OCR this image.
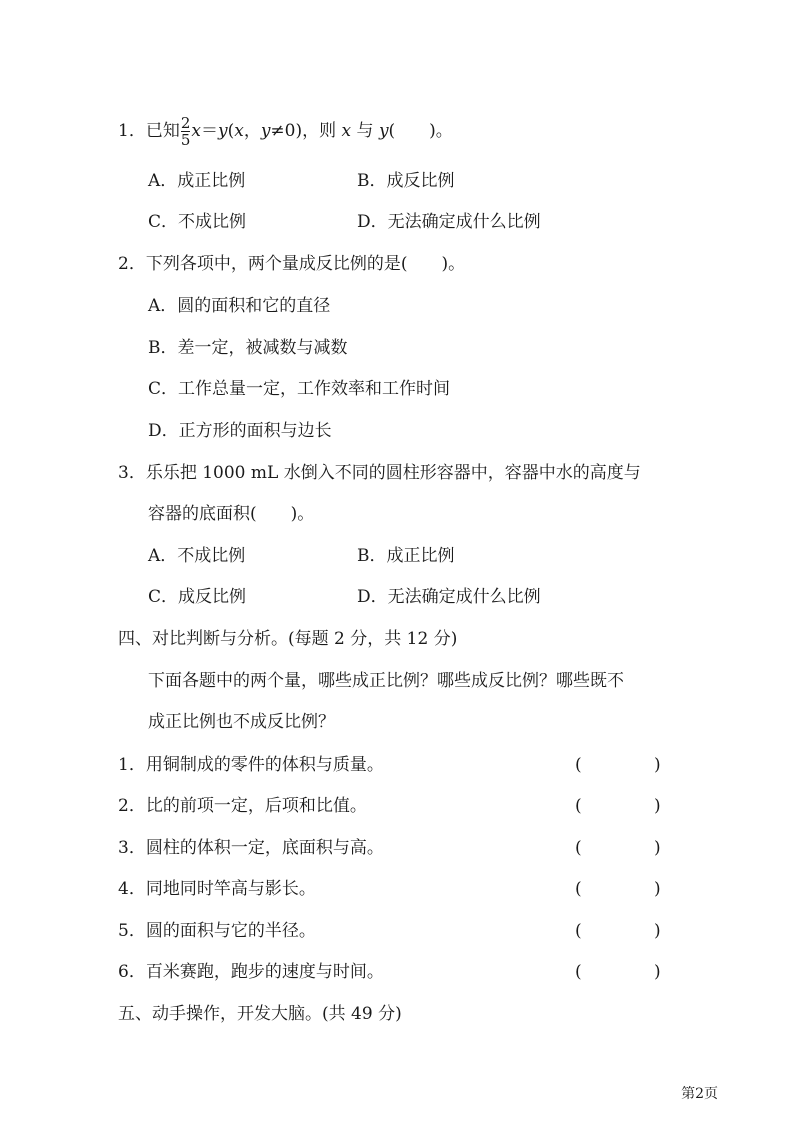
1．已知 $\frac{2}{5} x=y(x$，y≠0)，则 x 与 y(　　)。
A．成正比例	B．成反比例
C．不成比例	D．无法确定成什么比例
2．下列各项中，两个量成反比例的是(　　)。
A．圆的面积和它的直径
B．差一定，被减数与减数
C．工作总量一定，工作效率和工作时间
D．正方形的面积与边长
3．乐乐把 1000 mL 水倒入不同的圆柱形容器中，容器中水的高度与
容器的底面积(　　)。
A．不成比例	B．成正比例
C．成反比例	D．无法确定成什么比例
四、对比判断与分析。(每题 2 分，共 12 分)
下面各题中的两个量，哪些成正比例？哪些成反比例？哪些既不
成正比例也不成反比例？
1．用铜制成的零件的体积与质量。	(	)
2．比的前项一定，后项和比值。	(	)
3．圆柱的体积一定，底面积与高。	(	)
4．同地同时竿高与影长。	(	)
5．圆的面积与它的半径。	(	)
6．百米赛跑，跑步的速度与时间。	(	)
五、动手操作，开发大脑。(共 49 分)
第2页
